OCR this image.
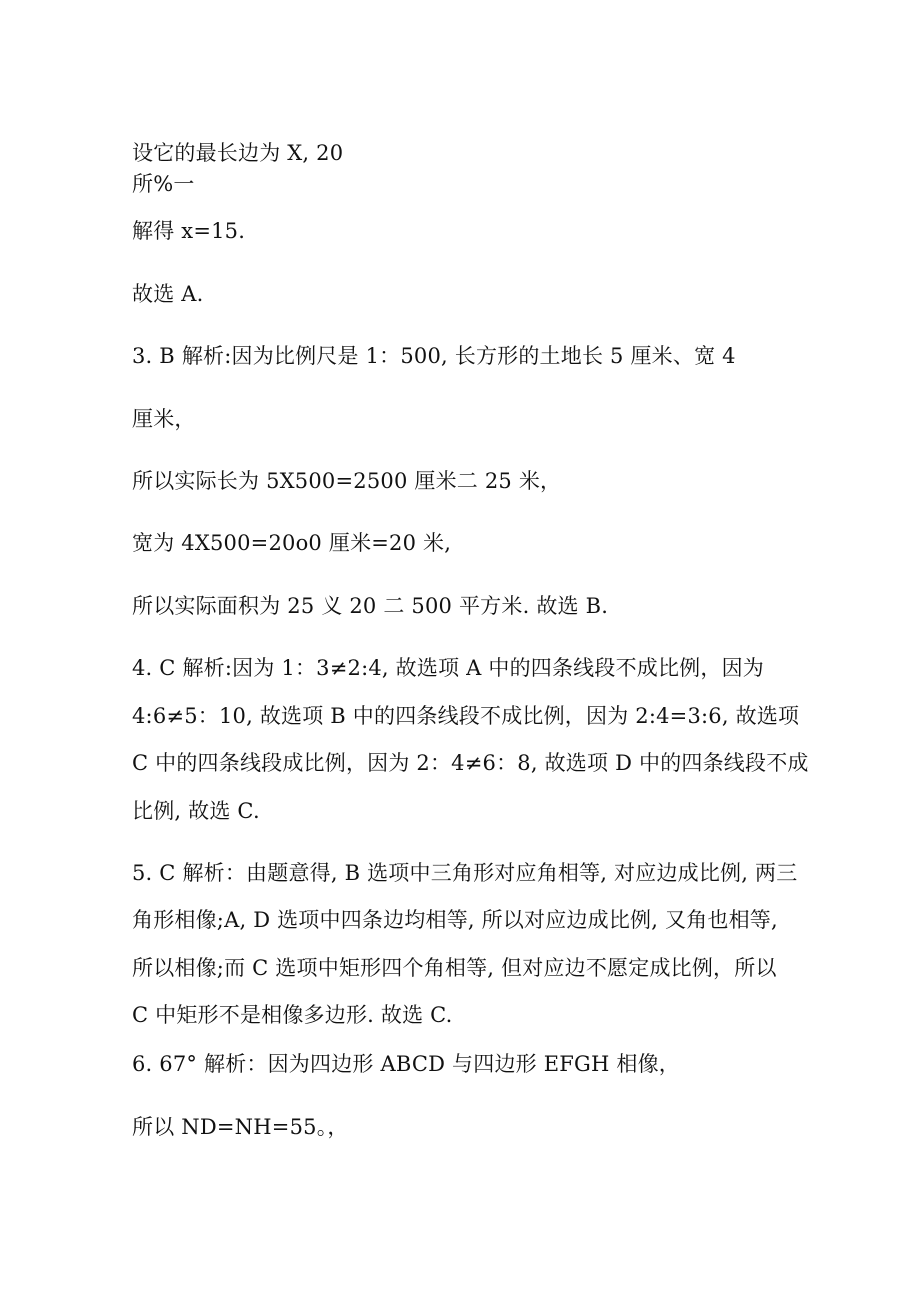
设它的最长边为 X, 20

所%一

解得 x=15.

故选 A.

3. B 解析:因为比例尺是 1：500, 长方形的土地长 5 厘米、宽 4

厘米，

所以实际长为 5X500=2500 厘米二 25 米，

宽为 4X500=20o0 厘米=20 米,

所以实际面积为 25 义 20 二 500 平方米. 故选 B.

4. C 解析:因为 1：3≠2:4, 故选项 A 中的四条线段不成比例，因为

4:6≠5：10, 故选项 B 中的四条线段不成比例，因为 2:4=3:6, 故选项

C 中的四条线段成比例，因为 2：4≠6：8, 故选项 D 中的四条线段不成

比例, 故选 C.

5. C 解析：由题意得, B 选项中三角形对应角相等, 对应边成比例, 两三

角形相像;A, D 选项中四条边均相等, 所以对应边成比例, 又角也相等,

所以相像;而 C 选项中矩形四个角相等, 但对应边不愿定成比例，所以

C 中矩形不是相像多边形. 故选 C.

6. 67° 解析：因为四边形 ABCD 与四边形 EFGH 相像，

所以 ND=NH=55。，
